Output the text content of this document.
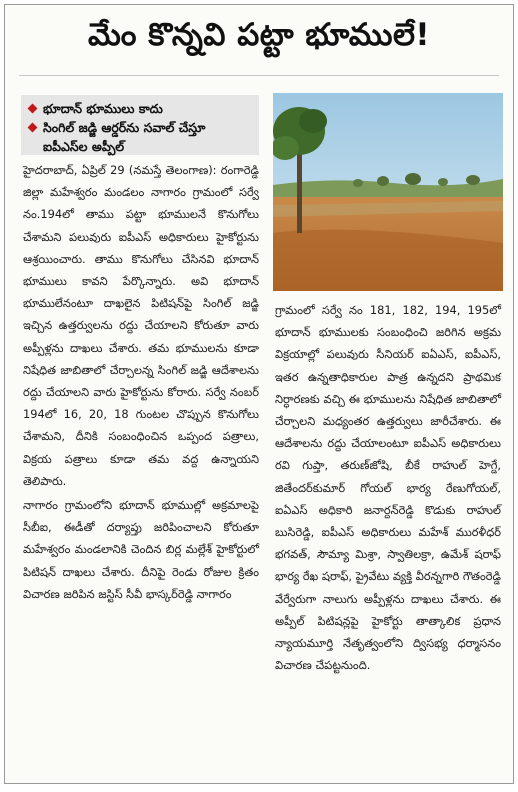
మేం కొన్నవి పట్టా భూములే!
భూదాన్ భూములు కాదు
సింగిల్ జడ్జి ఆర్డర్‌ను సవాల్ చేస్తూ ఐపీఎస్‌ల అప్పీల్

హైదరాబాద్, ఏప్రిల్ 29 (నమస్తే తెలంగాణ): రంగారెడ్డి జిల్లా మహేశ్వరం మండలం నాగారం గ్రామంలో సర్వే నం.194లో తాము పట్టా భూములనే కొనుగోలు చేశామని పలువురు ఐపీఎస్ అధికారులు హైకోర్టును ఆశ్రయించారు. తాము కొనుగోలు చేసినవి భూదాన్ భూములు కావని పేర్కొన్నారు. అవి భూదాన్ భూములేనంటూ దాఖలైన పిటిషన్‌పై సింగిల్ జడ్జి ఇచ్చిన ఉత్తర్వులను రద్దు చేయాలని కోరుతూ వారు అప్పీళ్లను దాఖలు చేశారు. తమ భూములను కూడా నిషేధిత జాబితాలో చేర్చాలన్న సింగిల్ జడ్జి ఆదేశాలను రద్దు చేయాలని వారు హైకోర్టును కోరారు. సర్వే నంబర్ 194లో 16, 20, 18 గుంటల చొప్పున కొనుగోలు చేశామని, దీనికి సంబంధించిన ఒప్పంద పత్రాలు, విక్రయ పత్రాలు కూడా తమ వద్ద ఉన్నాయని తెలిపారు.

నాగారం గ్రామంలోని భూదాన్ భూముల్లో అక్రమాలపై సీబీఐ, ఈడీతో దర్యాప్తు జరిపించాలని కోరుతూ మహేశ్వరం మండలానికి చెందిన బిర్ల మల్లేశ్ హైకోర్టులో పిటిషన్ దాఖలు చేశారు. దీనిపై రెండు రోజుల క్రితం విచారణ జరిపిన జస్టిస్ సీవీ భాస్కర్‌రెడ్డి నాగారం

గ్రామంలో సర్వే నం 181, 182, 194, 195లో భూదాన్ భూములకు సంబంధించి జరిగిన అక్రమ విక్రయాల్లో పలువురు సీనియర్ ఐఏఎస్, ఐపీఎస్, ఇతర ఉన్నతాధికారుల పాత్ర ఉన్నదని ప్రాథమిక నిర్ధారణకు వచ్చి ఈ భూములను నిషేధిత జాబితాలో చేర్చాలని మధ్యంతర ఉత్తర్వులు జారీచేశారు. ఈ ఆదేశాలను రద్దు చేయాలంటూ ఐపీఎస్ అధికారులు రవి గుప్తా, తరుణ్‌జోషి, బీకే రాహుల్ హెగ్డే, జితేందర్‌కుమార్ గోయల్ భార్య రేణుగోయల్, ఐఏఎస్ అధికారి జనార్దన్‌రెడ్డి కొడుకు రాహుల్ బుసిరెడ్డి, ఐపీఎస్ అధికారులు మహేశ్ మురళీధర్ భగవత్, సౌమ్యా మిశ్రా, స్వాతిలక్రా, ఉమేశ్ షరాఫ్ భార్య రేఖ షరాఫ్, ప్రైవేటు వ్యక్తి వీరన్నగారి గౌతంరెడ్డి వేర్వేరుగా నాలుగు అప్పీళ్లను దాఖలు చేశారు. ఈ అప్పీల్ పిటిషన్లపై హైకోర్టు తాత్కాలిక ప్రధాన న్యాయమూర్తి నేతృత్వంలోని ద్విసభ్య ధర్మాసనం విచారణ చేపట్టనుంది.
